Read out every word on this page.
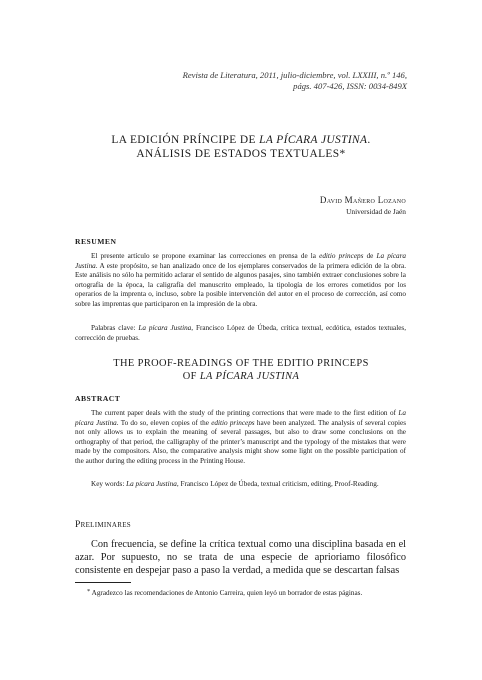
Revista de Literatura, 2011, julio-diciembre, vol. LXXIII, n.º 146,
págs. 407-426, ISSN: 0034-849X
LA EDICIÓN PRÍNCIPE DE LA PÍCARA JUSTINA.
ANÁLISIS DE ESTADOS TEXTUALES*
David Mañero Lozano
Universidad de Jaén
RESUMEN
El presente artículo se propone examinar las correcciones en prensa de la editio princeps de La pícara Justina. A este propósito, se han analizado once de los ejemplares conservados de la primera edición de la obra. Este análisis no sólo ha permitido aclarar el sentido de algunos pasajes, sino también extraer conclusiones sobre la ortografía de la época, la caligrafía del manuscrito empleado, la tipología de los errores cometidos por los operarios de la imprenta o, incluso, sobre la posible intervención del autor en el proceso de corrección, así como sobre las imprentas que participaron en la impresión de la obra.
Palabras clave: La pícara Justina, Francisco López de Úbeda, crítica textual, ecdótica, estados textuales, corrección de pruebas.
THE PROOF-READINGS OF THE EDITIO PRINCEPS
OF LA PÍCARA JUSTINA
ABSTRACT
The current paper deals with the study of the printing corrections that were made to the first edition of La pícara Justina. To do so, eleven copies of the editio princeps have been analyzed. The analysis of several copies not only allows us to explain the meaning of several passages, but also to draw some conclusions on the orthography of that period, the calligraphy of the printer’s manuscript and the typology of the mistakes that were made by the compositors. Also, the comparative analysis might show some light on the possible participation of the author during the editing process in the Printing House.
Key words: La pícara Justina, Francisco López de Úbeda, textual criticism, editing, Proof-Reading.
Preliminares
Con frecuencia, se define la crítica textual como una disciplina basada en el azar. Por supuesto, no se trata de una especie de aprioriamo filosófico consistente en despejar paso a paso la verdad, a medida que se descartan falsas
* Agradezco las recomendaciones de Antonio Carreira, quien leyó un borrador de estas páginas.
